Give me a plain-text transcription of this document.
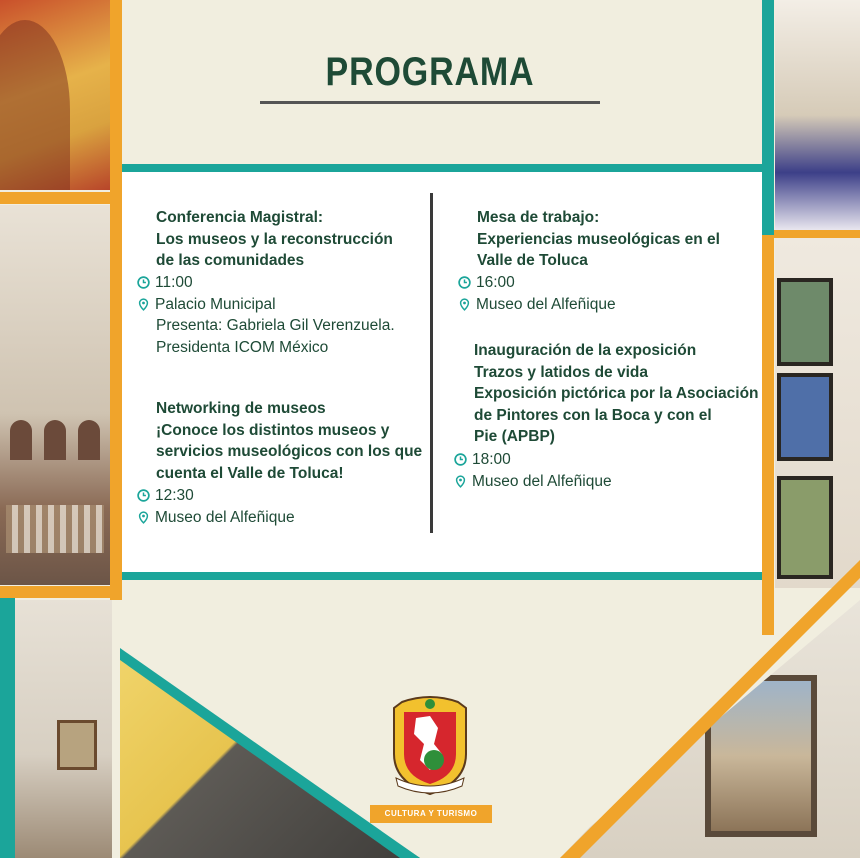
PROGRAMA
Conferencia Magistral:
Los museos y la reconstrucción
de las comunidades
11:00
Palacio Municipal
Presenta: Gabriela Gil Verenzuela.
Presidenta ICOM México
Networking de museos
¡Conoce los distintos museos y
servicios museológicos con los que
cuenta el Valle de Toluca!
12:30
Museo del Alfeñique
Mesa de trabajo:
Experiencias museológicas en el
Valle de Toluca
16:00
Museo del Alfeñique
Inauguración de la exposición
Trazos y latidos de vida
Exposición pictórica por la Asociación
de Pintores con la Boca y con el
Pie (APBP)
18:00
Museo del Alfeñique
CULTURA Y TURISMO
